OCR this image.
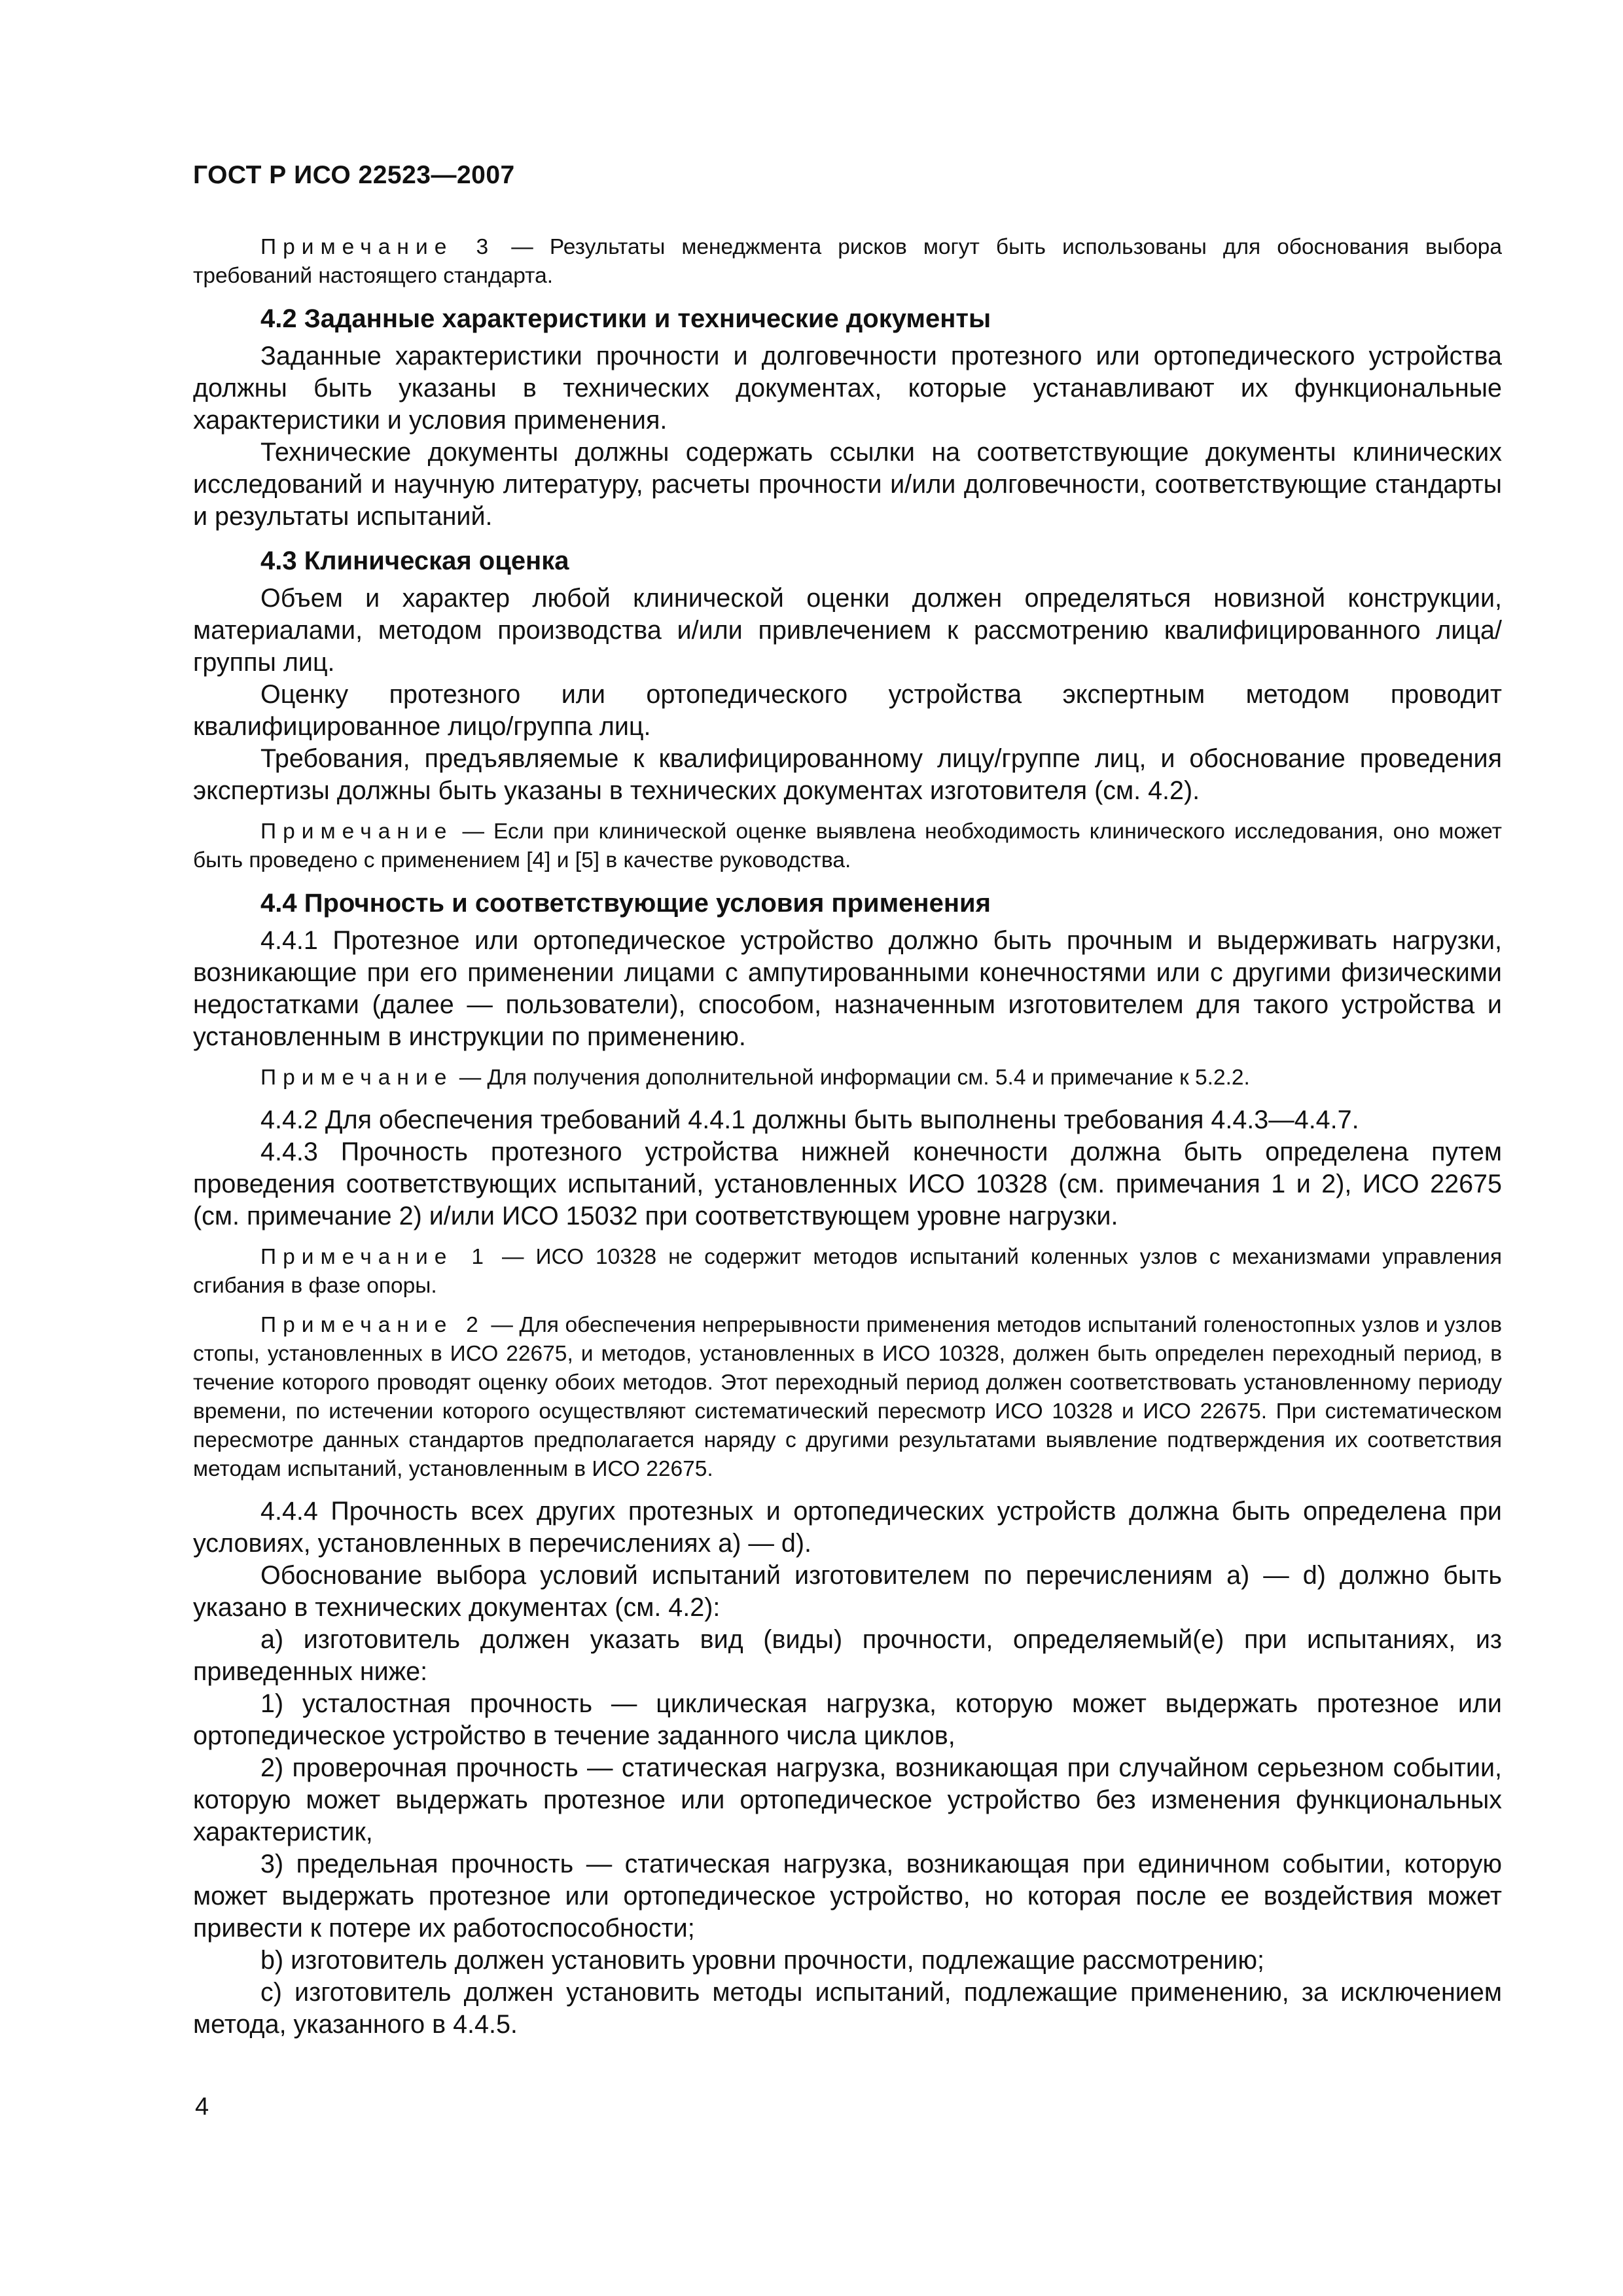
ГОСТ Р ИСО 22523—2007
Примечание 3 — Результаты менеджмента рисков могут быть использованы для обоснования выбора требований настоящего стандарта.
4.2 Заданные характеристики и технические документы

Заданные характеристики прочности и долговечности протезного или ортопедического устройства должны быть указаны в технических документах, которые устанавливают их функциональные характеристики и условия применения.

Технические документы должны содержать ссылки на соответствующие документы клинических исследований и научную литературу, расчеты прочности и/или долговечности, соответствующие стандарты и результаты испытаний.

4.3 Клиническая оценка

Объем и характер любой клинической оценки должен определяться новизной конструкции, материалами, методом производства и/или привлечением к рассмотрению квалифицированного лица/группы лиц.

Оценку протезного или ортопедического устройства экспертным методом проводит квалифицированное лицо/группа лиц.

Требования, предъявляемые к квалифицированному лицу/группе лиц, и обоснование проведения экспертизы должны быть указаны в технических документах изготовителя (см. 4.2).

Примечание — Если при клинической оценке выявлена необходимость клинического исследования, оно может быть проведено с применением [4] и [5] в качестве руководства.
4.4 Прочность и соответствующие условия применения

4.4.1 Протезное или ортопедическое устройство должно быть прочным и выдерживать нагрузки, возникающие при его применении лицами с ампутированными конечностями или с другими физическими недостатками (далее — пользователи), способом, назначенным изготовителем для такого устройства и установленным в инструкции по применению.

Примечание — Для получения дополнительной информации см. 5.4 и примечание к 5.2.2.

4.4.2 Для обеспечения требований 4.4.1 должны быть выполнены требования 4.4.3—4.4.7.

4.4.3 Прочность протезного устройства нижней конечности должна быть определена путем проведения соответствующих испытаний, установленных ИСО 10328 (см. примечания 1 и 2), ИСО 22675 (см. примечание 2) и/или ИСО 15032 при соответствующем уровне нагрузки.

Примечание 1 — ИСО 10328 не содержит методов испытаний коленных узлов с механизмами управления сгибания в фазе опоры.
Примечание 2 — Для обеспечения непрерывности применения методов испытаний голеностопных узлов и узлов стопы, установленных в ИСО 22675, и методов, установленных в ИСО 10328, должен быть определен переходный период, в течение которого проводят оценку обоих методов. Этот переходный период должен соответствовать установленному периоду времени, по истечении которого осуществляют систематический пересмотр ИСО 10328 и ИСО 22675. При систематическом пересмотре данных стандартов предполагается наряду с другими результатами выявление подтверждения их соответствия методам испытаний, установленным в ИСО 22675.

4.4.4 Прочность всех других протезных и ортопедических устройств должна быть определена при условиях, установленных в перечислениях a) — d).

Обоснование выбора условий испытаний изготовителем по перечислениям a) — d) должно быть указано в технических документах (см. 4.2):

a) изготовитель должен указать вид (виды) прочности, определяемый(е) при испытаниях, из приведенных ниже:

1) усталостная прочность — циклическая нагрузка, которую может выдержать протезное или ортопедическое устройство в течение заданного числа циклов,

2) проверочная прочность — статическая нагрузка, возникающая при случайном серьезном событии, которую может выдержать протезное или ортопедическое устройство без изменения функциональных характеристик,

3) предельная прочность — статическая нагрузка, возникающая при единичном событии, которую может выдержать протезное или ортопедическое устройство, но которая после ее воздействия может привести к потере их работоспособности;

b) изготовитель должен установить уровни прочности, подлежащие рассмотрению;

c) изготовитель должен установить методы испытаний, подлежащие применению, за исключением метода, указанного в 4.4.5.

4
